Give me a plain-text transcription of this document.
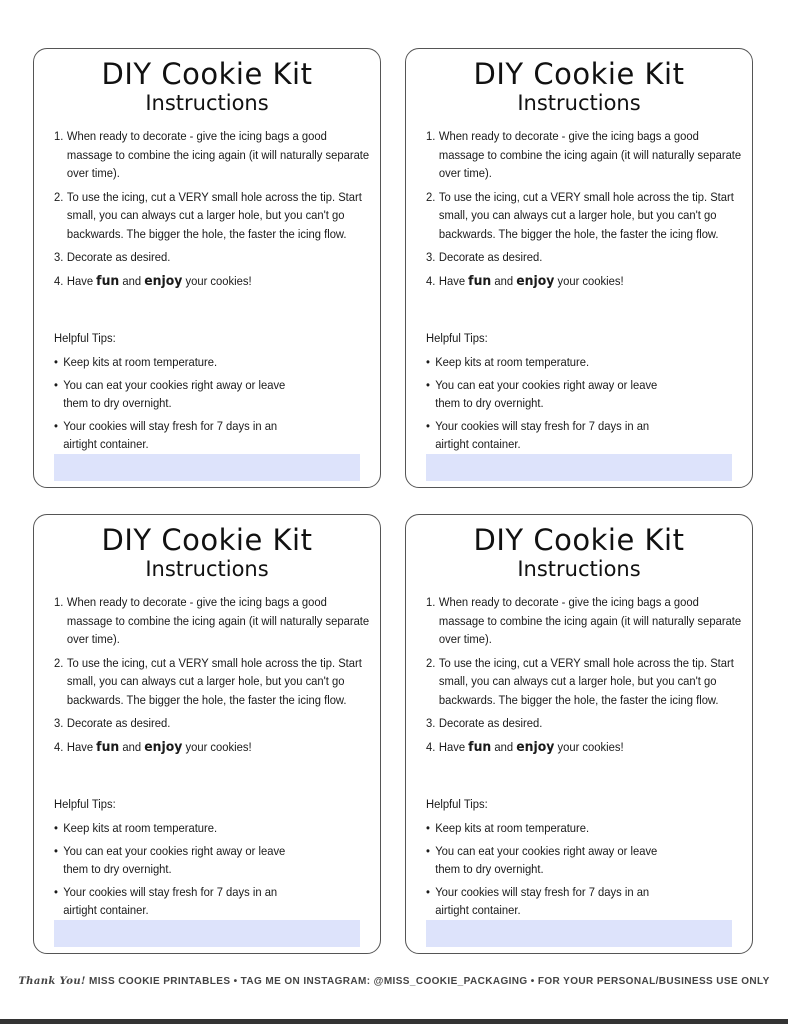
DIY Cookie Kit
Instructions
1. When ready to decorate - give the icing bags a good massage to combine the icing again (it will naturally separate over time).
2. To use the icing, cut a VERY small hole across the tip. Start small, you can always cut a larger hole, but you can't go backwards. The bigger the hole, the faster the icing flow.
3. Decorate as desired.
4. Have fun and enjoy your cookies!
Helpful Tips:
• Keep kits at room temperature.
• You can eat your cookies right away or leave them to dry overnight.
• Your cookies will stay fresh for 7 days in an airtight container.
DIY Cookie Kit
Instructions
1. When ready to decorate - give the icing bags a good massage to combine the icing again (it will naturally separate over time).
2. To use the icing, cut a VERY small hole across the tip. Start small, you can always cut a larger hole, but you can't go backwards. The bigger the hole, the faster the icing flow.
3. Decorate as desired.
4. Have fun and enjoy your cookies!
Helpful Tips:
• Keep kits at room temperature.
• You can eat your cookies right away or leave them to dry overnight.
• Your cookies will stay fresh for 7 days in an airtight container.
DIY Cookie Kit
Instructions
1. When ready to decorate - give the icing bags a good massage to combine the icing again (it will naturally separate over time).
2. To use the icing, cut a VERY small hole across the tip. Start small, you can always cut a larger hole, but you can't go backwards. The bigger the hole, the faster the icing flow.
3. Decorate as desired.
4. Have fun and enjoy your cookies!
Helpful Tips:
• Keep kits at room temperature.
• You can eat your cookies right away or leave them to dry overnight.
• Your cookies will stay fresh for 7 days in an airtight container.
DIY Cookie Kit
Instructions
1. When ready to decorate - give the icing bags a good massage to combine the icing again (it will naturally separate over time).
2. To use the icing, cut a VERY small hole across the tip. Start small, you can always cut a larger hole, but you can't go backwards. The bigger the hole, the faster the icing flow.
3. Decorate as desired.
4. Have fun and enjoy your cookies!
Helpful Tips:
• Keep kits at room temperature.
• You can eat your cookies right away or leave them to dry overnight.
• Your cookies will stay fresh for 7 days in an airtight container.
Thank You! MISS COOKIE PRINTABLES • TAG ME ON INSTAGRAM: @MISS_COOKIE_PACKAGING • FOR YOUR PERSONAL/BUSINESS USE ONLY
